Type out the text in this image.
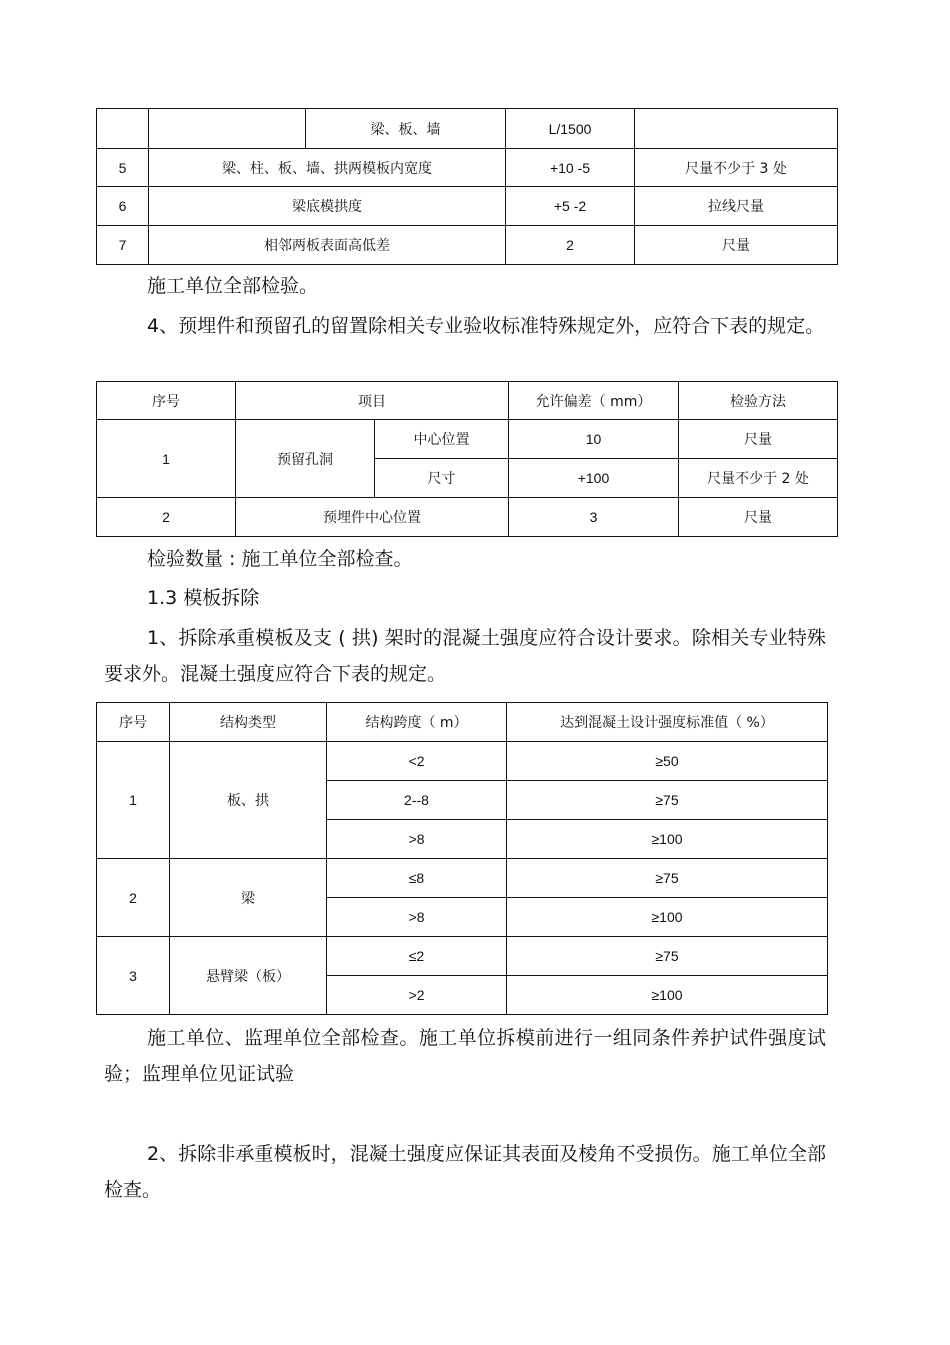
		梁、板、墙	L/1500	
5	梁、柱、板、墙、拱两模板内宽度		+10 -5	尺量不少于 3 处
6	梁底模拱度		+5 -2	拉线尺量
7	相邻两板表面高低差		2	尺量
施工单位全部检验。
4、预埋件和预留孔的留置除相关专业验收标准特殊规定外，应符合下表的规定。
序号	项目		允许偏差（ mm）	检验方法
1	预留孔洞	中心位置	10	尺量
		尺寸	+100	尺量不少于 2 处
2	预埋件中心位置		3	尺量
检验数量 : 施工单位全部检查。
1.3 模板拆除
1、拆除承重模板及支 ( 拱) 架时的混凝土强度应符合设计要求。除相关专业特殊要求外。混凝土强度应符合下表的规定。
序号	结构类型	结构跨度（ m）	达到混凝土设计强度标准值（ %）
1	板、拱	<2	≥50
		2--8	≥75
		>8	≥100
2	梁	≤8	≥75
		>8	≥100
3	悬臂梁（板）	≤2	≥75
		>2	≥100
施工单位、监理单位全部检查。施工单位拆模前进行一组同条件养护试件强度试验；监理单位见证试验
2、拆除非承重模板时，混凝土强度应保证其表面及棱角不受损伤。施工单位全部检查。
